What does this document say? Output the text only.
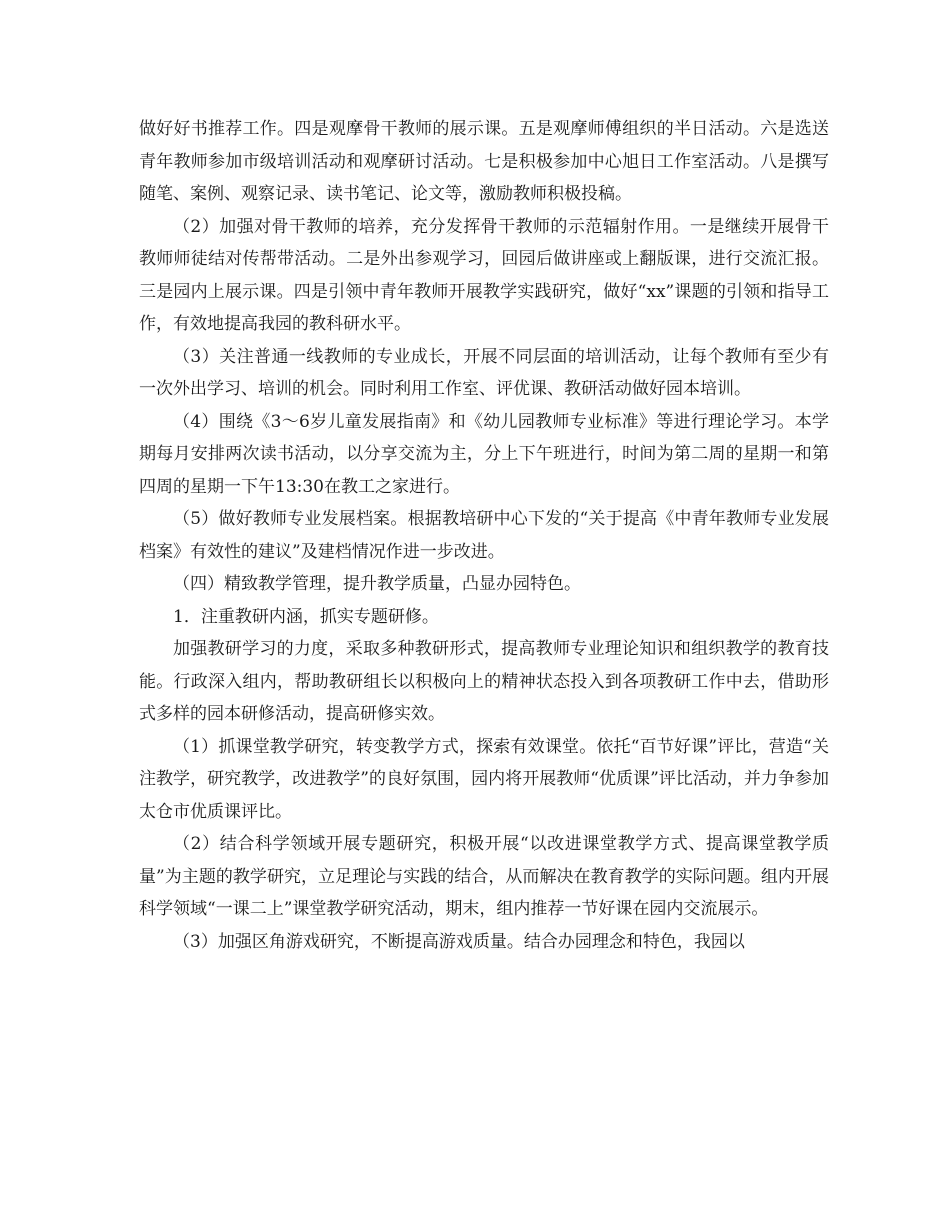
做好好书推荐工作。四是观摩骨干教师的展示课。五是观摩师傅组织的半日活动。六是选送青年教师参加市级培训活动和观摩研讨活动。七是积极参加中心旭日工作室活动。八是撰写随笔、案例、观察记录、读书笔记、论文等，激励教师积极投稿。

（2）加强对骨干教师的培养，充分发挥骨干教师的示范辐射作用。一是继续开展骨干教师师徒结对传帮带活动。二是外出参观学习，回园后做讲座或上翻版课，进行交流汇报。三是园内上展示课。四是引领中青年教师开展教学实践研究，做好“xx”课题的引领和指导工作，有效地提高我园的教科研水平。

（3）关注普通一线教师的专业成长，开展不同层面的培训活动，让每个教师有至少有一次外出学习、培训的机会。同时利用工作室、评优课、教研活动做好园本培训。

（4）围绕《3～6岁儿童发展指南》和《幼儿园教师专业标准》等进行理论学习。本学期每月安排两次读书活动，以分享交流为主，分上下午班进行，时间为第二周的星期一和第四周的星期一下午13:30在教工之家进行。

（5）做好教师专业发展档案。根据教培研中心下发的“关于提高《中青年教师专业发展档案》有效性的建议”及建档情况作进一步改进。

（四）精致教学管理，提升教学质量，凸显办园特色。

1．注重教研内涵，抓实专题研修。

加强教研学习的力度，采取多种教研形式，提高教师专业理论知识和组织教学的教育技能。行政深入组内，帮助教研组长以积极向上的精神状态投入到各项教研工作中去，借助形式多样的园本研修活动，提高研修实效。

（1）抓课堂教学研究，转变教学方式，探索有效课堂。依托“百节好课”评比，营造“关注教学，研究教学，改进教学”的良好氛围，园内将开展教师“优质课”评比活动，并力争参加太仓市优质课评比。

（2）结合科学领域开展专题研究，积极开展“以改进课堂教学方式、提高课堂教学质量”为主题的教学研究，立足理论与实践的结合，从而解决在教育教学的实际问题。组内开展科学领域“一课二上”课堂教学研究活动，期末，组内推荐一节好课在园内交流展示。

（3）加强区角游戏研究，不断提高游戏质量。结合办园理念和特色，我园以
